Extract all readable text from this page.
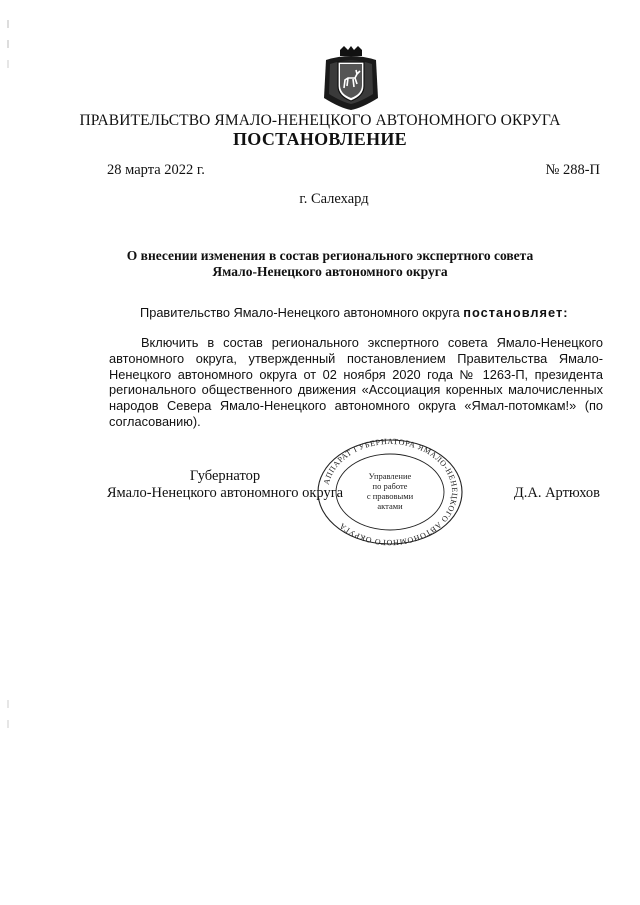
ПРАВИТЕЛЬСТВО ЯМАЛО-НЕНЕЦКОГО АВТОНОМНОГО ОКРУГА
ПОСТАНОВЛЕНИЕ
28 марта 2022 г.	№ 288-П
г. Салехард
О внесении изменения в состав регионального экспертного совета
Ямало-Ненецкого автономного округа
Правительство Ямало-Ненецкого автономного округа постановляет:
Включить в состав регионального экспертного совета Ямало-Ненецкого автономного округа, утвержденный постановлением Правительства Ямало-Ненецкого автономного округа от 02 ноября 2020 года № 1263-П, президента регионального общественного движения «Ассоциация коренных малочисленных народов Севера Ямало-Ненецкого автономного округа «Ямал-потомкам!» (по согласованию).
Губернатор
Ямало-Ненецкого автономного округа	Д.А. Артюхов
АППАРАТ ГУБЕРНАТОРА ЯМАЛО-НЕНЕЦКОГО АВТОНОМНОГО ОКРУГА
Управление
по работе
с правовыми
актами
